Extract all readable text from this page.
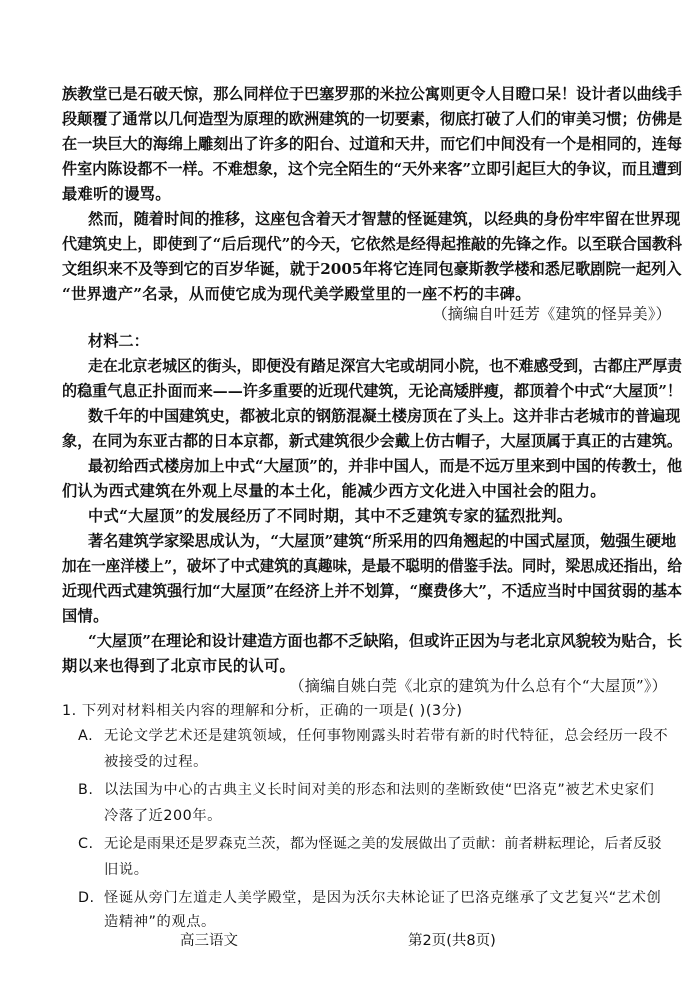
族教堂已是石破天惊，那么同样位于巴塞罗那的米拉公寓则更令人目瞪口呆！设计者以曲线手
段颠覆了通常以几何造型为原理的欧洲建筑的一切要素，彻底打破了人们的审美习惯；仿佛是
在一块巨大的海绵上雕刻出了许多的阳台、过道和天井，而它们中间没有一个是相同的，连每
件室内陈设都不一样。不难想象，这个完全陌生的“天外来客”立即引起巨大的争议，而且遭到
最难听的谩骂。
然而，随着时间的推移，这座包含着天才智慧的怪诞建筑，以经典的身份牢牢留在世界现
代建筑史上，即使到了“后后现代”的今天，它依然是经得起推敲的先锋之作。以至联合国教科
文组织来不及等到它的百岁华诞，就于2005年将它连同包豪斯教学楼和悉尼歌剧院一起列入
“世界遗产”名录，从而使它成为现代美学殿堂里的一座不朽的丰碑。
（摘编自叶廷芳《建筑的怪异美》）
材料二：
走在北京老城区的街头，即便没有踏足深宫大宅或胡同小院，也不难感受到，古都庄严厚责
的稳重气息正扑面而来——许多重要的近现代建筑，无论高矮胖瘦，都顶着个中式“大屋顶”！
数千年的中国建筑史，都被北京的钢筋混凝土楼房顶在了头上。这并非古老城市的普遍现
象，在同为东亚古都的日本京都，新式建筑很少会戴上仿古帽子，大屋顶属于真正的古建筑。
最初给西式楼房加上中式“大屋顶”的，并非中国人，而是不远万里来到中国的传教士，他
们认为西式建筑在外观上尽量的本土化，能减少西方文化进入中国社会的阻力。
中式“大屋顶”的发展经历了不同时期，其中不乏建筑专家的猛烈批判。
著名建筑学家梁思成认为，“大屋顶”建筑“所采用的四角翘起的中国式屋顶，勉强生硬地
加在一座洋楼上”，破坏了中式建筑的真趣味，是最不聪明的借鉴手法。同时，梁思成还指出，给
近现代西式建筑强行加“大屋顶”在经济上并不划算，“糜费侈大”，不适应当时中国贫弱的基本
国情。
“大屋顶”在理论和设计建造方面也都不乏缺陷，但或许正因为与老北京风貌较为贴合，长
期以来也得到了北京市民的认可。
（摘编自姚白莞《北京的建筑为什么总有个“大屋顶”》）
1. 下列对材料相关内容的理解和分析，正确的一项是( )(3分)
A. 无论文学艺术还是建筑领域，任何事物刚露头时若带有新的时代特征，总会经历一段不
被接受的过程。
B. 以法国为中心的古典主义长时间对美的形态和法则的垄断致使“巴洛克”被艺术史家们
冷落了近200年。
C. 无论是雨果还是罗森克兰茨，都为怪诞之美的发展做出了贡献：前者耕耘理论，后者反驳
旧说。
D. 怪诞从旁门左道走人美学殿堂，是因为沃尔夫林论证了巴洛克继承了文艺复兴“艺术创
造精神”的观点。
高三语文	第2页(共8页)
